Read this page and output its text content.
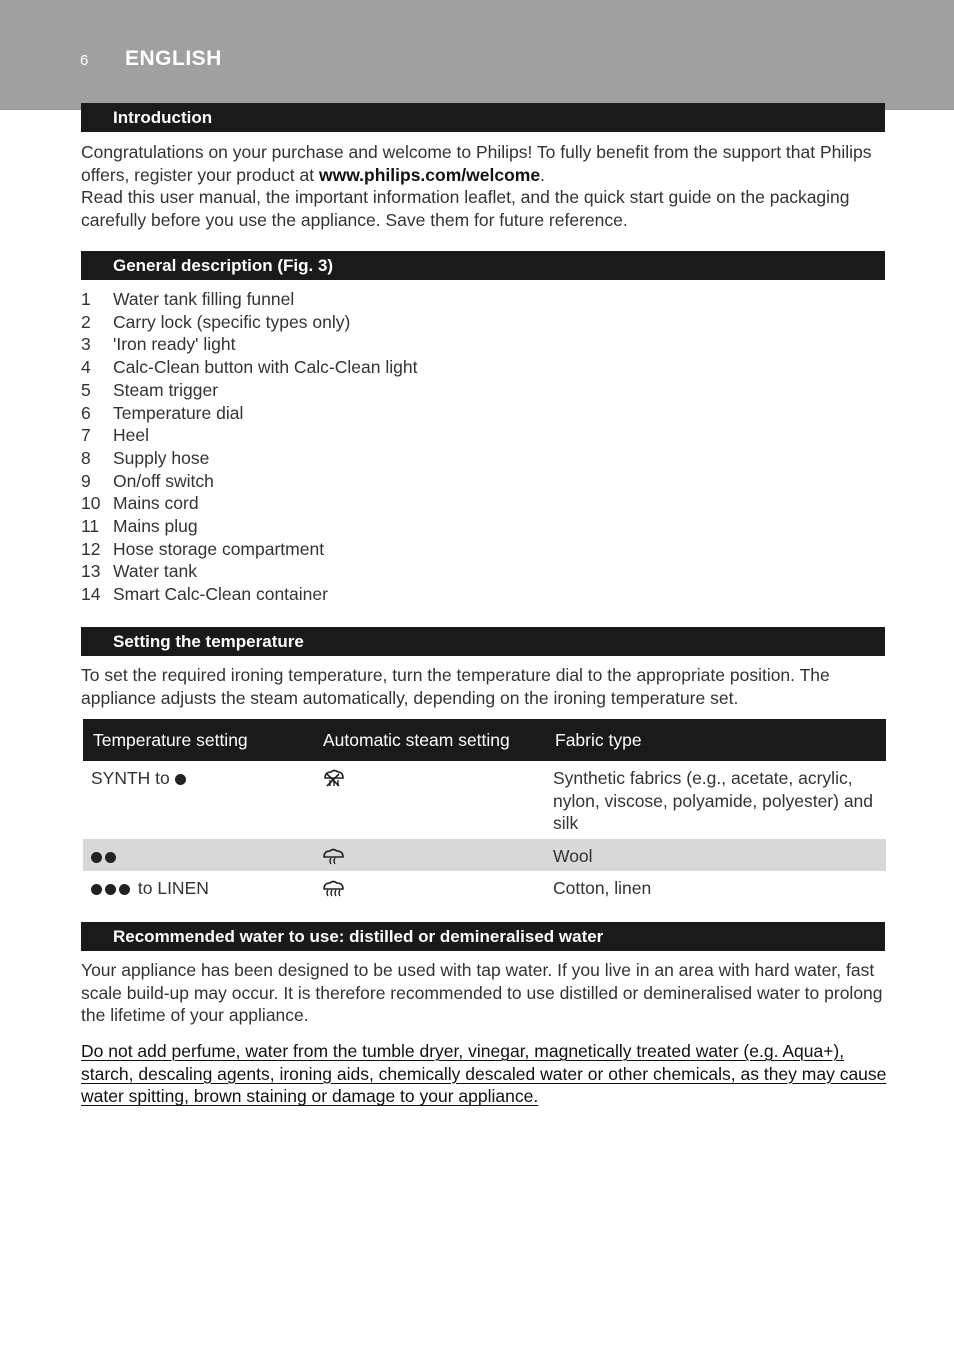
6 ENGLISH
Introduction
Congratulations on your purchase and welcome to Philips! To fully benefit from the support that Philips offers, register your product at www.philips.com/welcome.
Read this user manual, the important information leaflet, and the quick start guide on the packaging carefully before you use the appliance. Save them for future reference.
General description (Fig. 3)
1	Water tank filling funnel
2	Carry lock (specific types only)
3	'Iron ready' light
4	Calc-Clean button with Calc-Clean light
5	Steam trigger
6	Temperature dial
7	Heel
8	Supply hose
9	On/off switch
10 Mains cord
11 Mains plug
12 Hose storage compartment
13 Water tank
14 Smart Calc-Clean container
Setting the temperature
To set the required ironing temperature, turn the temperature dial to the appropriate position. The appliance adjusts the steam automatically, depending on the ironing temperature set.
Temperature setting	Automatic steam setting	Fabric type
SYNTH to		Synthetic fabrics (e.g., acetate, acrylic, nylon, viscose, polyamide, polyester) and silk
		Wool
to LINEN		Cotton, linen
Recommended water to use: distilled or demineralised water
Your appliance has been designed to be used with tap water. If you live in an area with hard water, fast scale build-up may occur. It is therefore recommended to use distilled or demineralised water to prolong the lifetime of your appliance.
Do not add perfume, water from the tumble dryer, vinegar, magnetically treated water (e.g. Aqua+), starch, descaling agents, ironing aids, chemically descaled water or other chemicals, as they may cause water spitting, brown staining or damage to your appliance.
